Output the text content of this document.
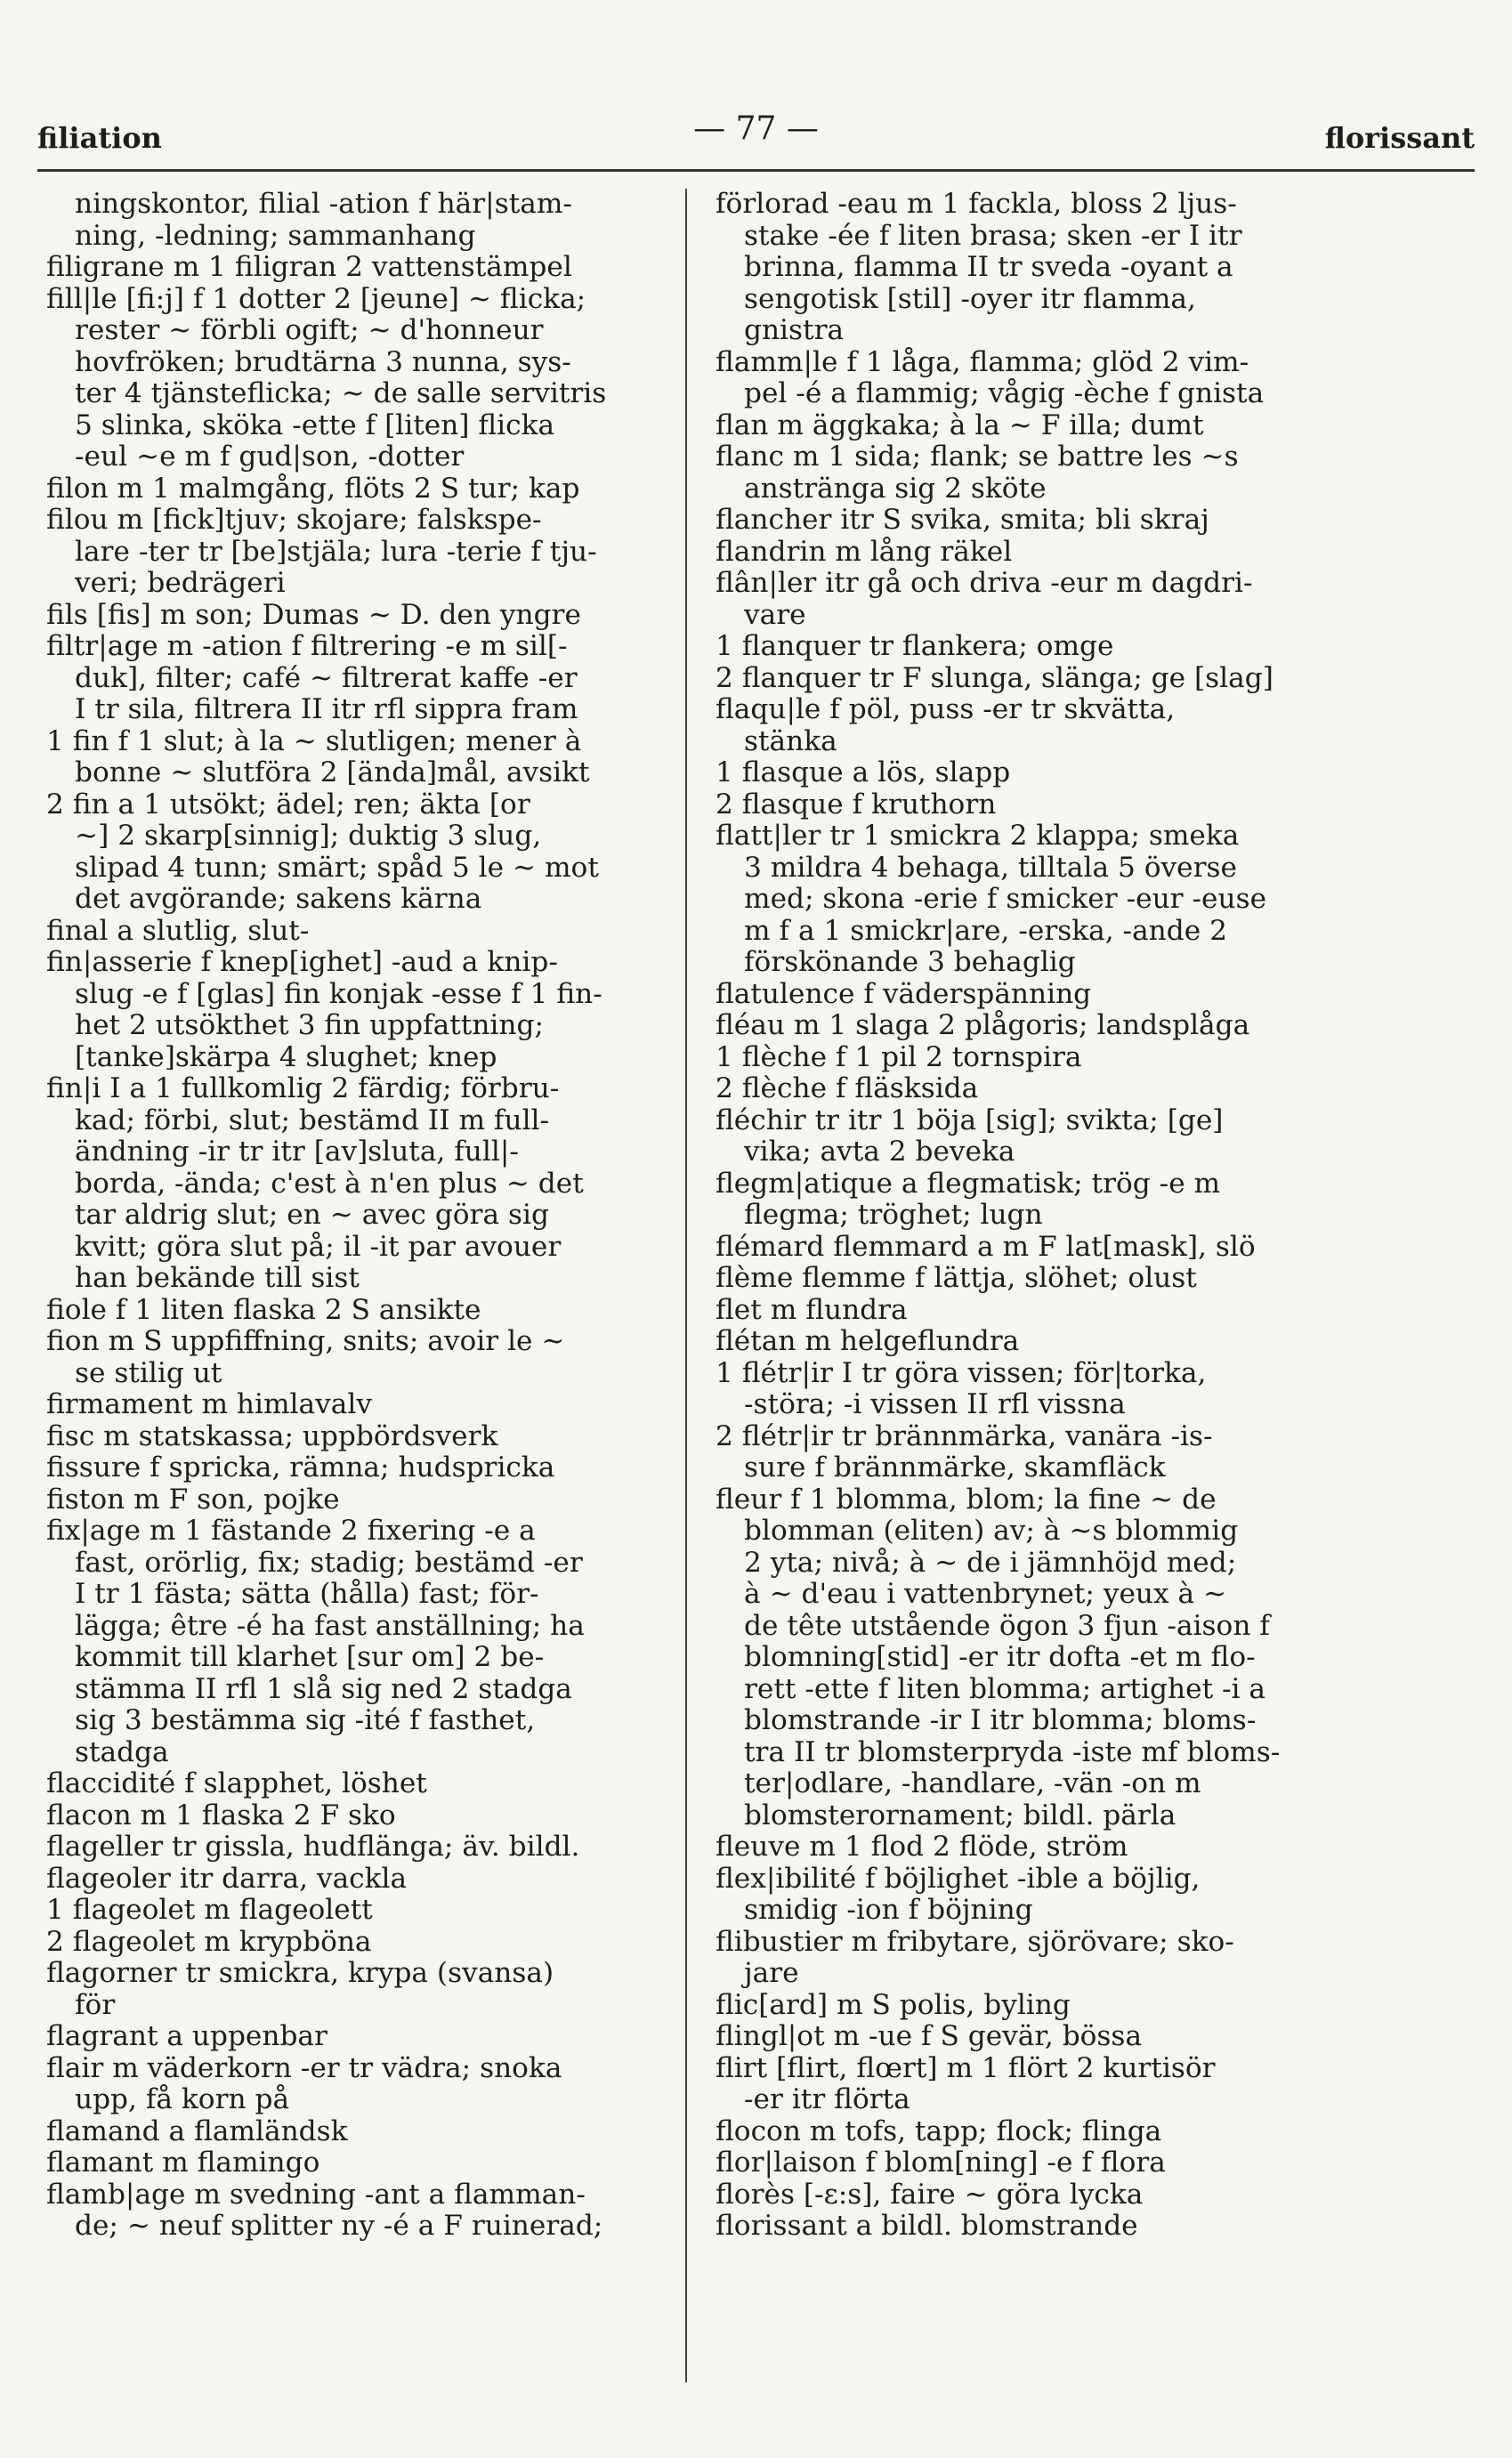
filiation	— 77 —	florissant
ningskontor, filial -ation f här|stam-
ning, -ledning; sammanhang
filigrane m 1 filigran 2 vattenstämpel
fill|le [fi:j] f 1 dotter 2 [jeune] ~ flicka;
rester ~ förbli ogift; ~ d'honneur
hovfröken; brudtärna 3 nunna, sys-
ter 4 tjänsteflicka; ~ de salle servitris
5 slinka, sköka -ette f [liten] flicka
-eul ~e m f gud|son, -dotter
filon m 1 malmgång, flöts 2 S tur; kap
filou m [fick]tjuv; skojare; falskspe-
lare -ter tr [be]stjäla; lura -terie f tju-
veri; bedrägeri
fils [fis] m son; Dumas ~ D. den yngre
filtr|age m -ation f filtrering -e m sil[-
duk], filter; café ~ filtrerat kaffe -er
I tr sila, filtrera II itr rfl sippra fram
1 fin f 1 slut; à la ~ slutligen; mener à
bonne ~ slutföra 2 [ända]mål, avsikt
2 fin a 1 utsökt; ädel; ren; äkta [or
~] 2 skarp[sinnig]; duktig 3 slug,
slipad 4 tunn; smärt; spåd 5 le ~ mot
det avgörande; sakens kärna
final a slutlig, slut-
fin|asserie f knep[ighet] -aud a knip-
slug -e f [glas] fin konjak -esse f 1 fin-
het 2 utsökthet 3 fin uppfattning;
[tanke]skärpa 4 slughet; knep
fin|i I a 1 fullkomlig 2 färdig; förbru-
kad; förbi, slut; bestämd II m full-
ändning -ir tr itr [av]sluta, full|-
borda, -ända; c'est à n'en plus ~ det
tar aldrig slut; en ~ avec göra sig
kvitt; göra slut på; il -it par avouer
han bekände till sist
fiole f 1 liten flaska 2 S ansikte
fion m S uppfiffning, snits; avoir le ~
se stilig ut
firmament m himlavalv
fisc m statskassa; uppbördsverk
fissure f spricka, rämna; hudspricka
fiston m F son, pojke
fix|age m 1 fästande 2 fixering -e a
fast, orörlig, fix; stadig; bestämd -er
I tr 1 fästa; sätta (hålla) fast; för-
lägga; être -é ha fast anställning; ha
kommit till klarhet [sur om] 2 be-
stämma II rfl 1 slå sig ned 2 stadga
sig 3 bestämma sig -ité f fasthet,
stadga
flaccidité f slapphet, löshet
flacon m 1 flaska 2 F sko
flageller tr gissla, hudflänga; äv. bildl.
flageoler itr darra, vackla
1 flageolet m flageolett
2 flageolet m krypböna
flagorner tr smickra, krypa (svansa)
för
flagrant a uppenbar
flair m väderkorn -er tr vädra; snoka
upp, få korn på
flamand a flamländsk
flamant m flamingo
flamb|age m svedning -ant a flamman-
de; ~ neuf splitter ny -é a F ruinerad;
förlorad -eau m 1 fackla, bloss 2 ljus-
stake -ée f liten brasa; sken -er I itr
brinna, flamma II tr sveda -oyant a
sengotisk [stil] -oyer itr flamma,
gnistra
flamm|le f 1 låga, flamma; glöd 2 vim-
pel -é a flammig; vågig -èche f gnista
flan m äggkaka; à la ~ F illa; dumt
flanc m 1 sida; flank; se battre les ~s
anstränga sig 2 sköte
flancher itr S svika, smita; bli skraj
flandrin m lång räkel
flân|ler itr gå och driva -eur m dagdri-
vare
1 flanquer tr flankera; omge
2 flanquer tr F slunga, slänga; ge [slag]
flaqu|le f pöl, puss -er tr skvätta,
stänka
1 flasque a lös, slapp
2 flasque f kruthorn
flatt|ler tr 1 smickra 2 klappa; smeka
3 mildra 4 behaga, tilltala 5 överse
med; skona -erie f smicker -eur -euse
m f a 1 smickr|are, -erska, -ande 2
förskönande 3 behaglig
flatulence f väderspänning
fléau m 1 slaga 2 plågoris; landsplåga
1 flèche f 1 pil 2 tornspira
2 flèche f fläsksida
fléchir tr itr 1 böja [sig]; svikta; [ge]
vika; avta 2 beveka
flegm|atique a flegmatisk; trög -e m
flegma; tröghet; lugn
flémard flemmard a m F lat[mask], slö
flème flemme f lättja, slöhet; olust
flet m flundra
flétan m helgeflundra
1 flétr|ir I tr göra vissen; för|torka,
-störa; -i vissen II rfl vissna
2 flétr|ir tr brännmärka, vanära -is-
sure f brännmärke, skamfläck
fleur f 1 blomma, blom; la fine ~ de
blomman (eliten) av; à ~s blommig
2 yta; nivå; à ~ de i jämnhöjd med;
à ~ d'eau i vattenbrynet; yeux à ~
de tête utstående ögon 3 fjun -aison f
blomning[stid] -er itr dofta -et m flo-
rett -ette f liten blomma; artighet -i a
blomstrande -ir I itr blomma; bloms-
tra II tr blomsterpryda -iste mf bloms-
ter|odlare, -handlare, -vän -on m
blomsterornament; bildl. pärla
fleuve m 1 flod 2 flöde, ström
flex|ibilité f böjlighet -ible a böjlig,
smidig -ion f böjning
flibustier m fribytare, sjörövare; sko-
jare
flic[ard] m S polis, byling
flingl|ot m -ue f S gevär, bössa
flirt [flirt, flœrt] m 1 flört 2 kurtisör
-er itr flörta
flocon m tofs, tapp; flock; flinga
flor|laison f blom[ning] -e f flora
florès [-ɛ:s], faire ~ göra lycka
florissant a bildl. blomstrande
